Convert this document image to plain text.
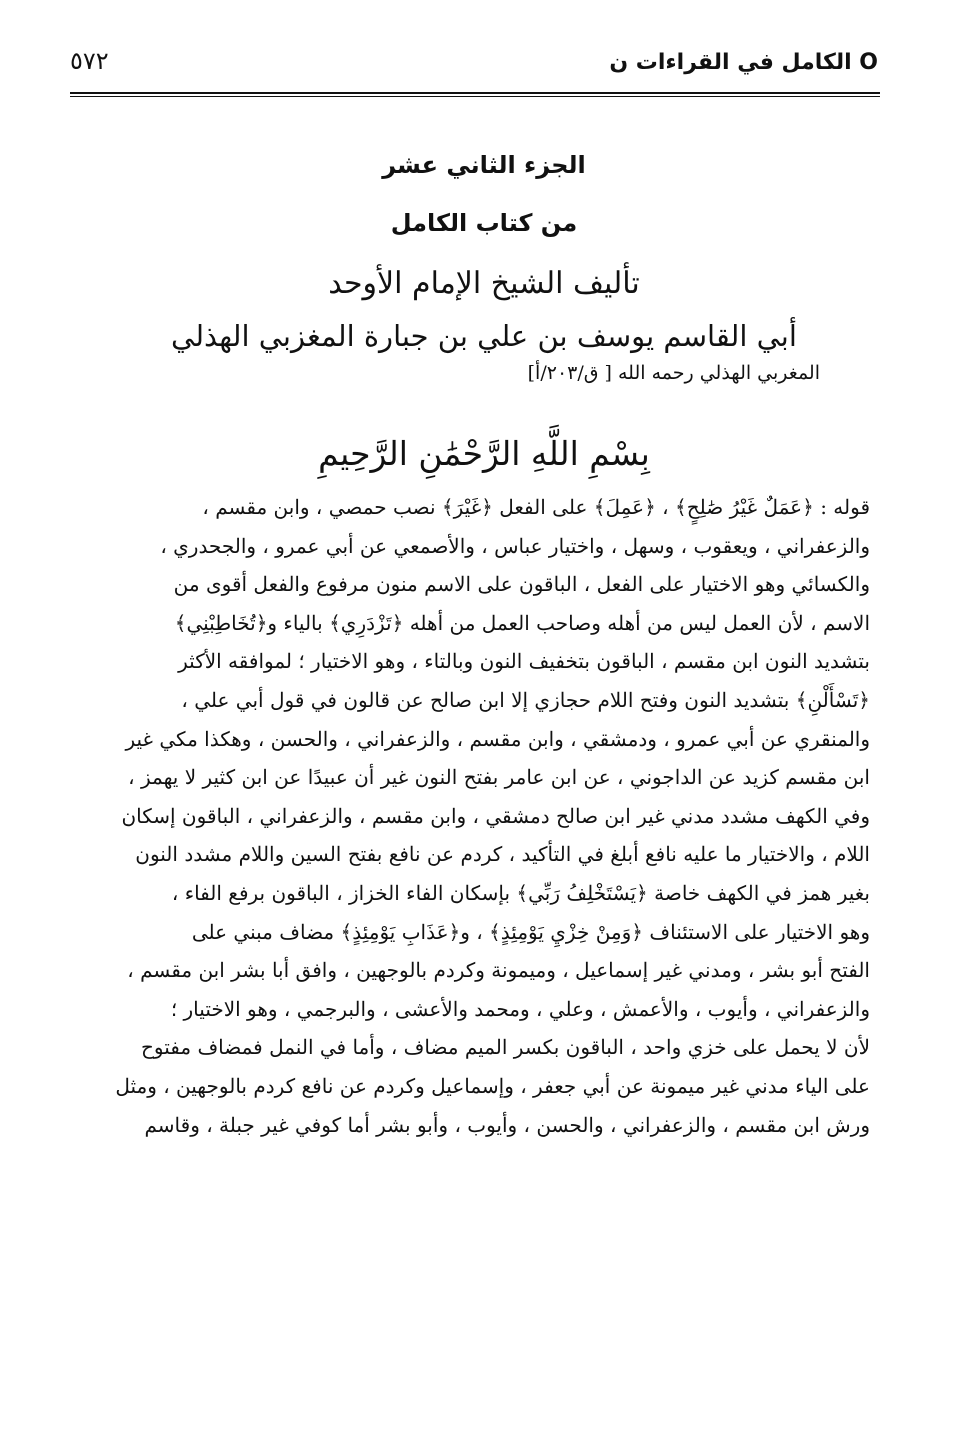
O الكامل في القراءات ن
٥٧٢
الجزء الثاني عشر
من كتاب الكامل
تأليف الشيخ الإمام الأوحد
أبي القاسم يوسف بن علي بن جبارة المغزبي الهذلي
المغربي الهذلي رحمه الله [ ق/٢٠٣/أ]
بِسْمِ اللَّهِ الرَّحْمَٰنِ الرَّحِيمِ
قوله : ﴿عَمَلٌ غَيْرُ صَٰلِحٍ﴾ ، ﴿عَمِلَ﴾ على الفعل ﴿غَيْرَ﴾ نصب حمصي ، وابن مقسم ،
والزعفراني ، ويعقوب ، وسهل ، واختيار عباس ، والأصمعي عن أبي عمرو ، والجحدري ،
والكسائي وهو الاختيار على الفعل ، الباقون على الاسم منون مرفوع والفعل أقوى من
الاسم ، لأن العمل ليس من أهله وصاحب العمل من أهله ﴿تَزْدَرِي﴾ بالياء و﴿تُخَاطِبْنِي﴾
بتشديد النون ابن مقسم ، الباقون بتخفيف النون وبالتاء ، وهو الاختيار ؛ لموافقه الأكثر
﴿تَسْأَلْنِ﴾ بتشديد النون وفتح اللام حجازي إلا ابن صالح عن قالون في قول أبي علي ،
والمنقري عن أبي عمرو ، ودمشقي ، وابن مقسم ، والزعفراني ، والحسن ، وهكذا مكي غير
ابن مقسم كزيد عن الداجوني ، عن ابن عامر بفتح النون غير أن عبيدًا عن ابن كثير لا يهمز ،
وفي الكهف مشدد مدني غير ابن صالح دمشقي ، وابن مقسم ، والزعفراني ، الباقون إسكان
اللام ، والاختيار ما عليه نافع أبلغ في التأكيد ، كردم عن نافع بفتح السين واللام مشدد النون
بغير همز في الكهف خاصة ﴿يَسْتَخْلِفُ رَبِّي﴾ بإسكان الفاء الخزاز ، الباقون برفع الفاء ،
وهو الاختيار على الاستئناف ﴿وَمِنْ خِزْيِ يَوْمِئِذٍ﴾ ، و﴿عَذَابِ يَوْمِئِذٍ﴾ مضاف مبني على
الفتح أبو بشر ، ومدني غير إسماعيل ، وميمونة وكردم بالوجهين ، وافق أبا بشر ابن مقسم ،
والزعفراني ، وأيوب ، والأعمش ، وعلي ، ومحمد والأعشى ، والبرجمي ، وهو الاختيار ؛
لأن لا يحمل على خزي واحد ، الباقون بكسر الميم مضاف ، وأما في النمل فمضاف مفتوح
على الياء مدني غير ميمونة عن أبي جعفر ، وإسماعيل وكردم عن نافع كردم بالوجهين ، ومثل
ورش ابن مقسم ، والزعفراني ، والحسن ، وأيوب ، وأبو بشر أما كوفي غير جبلة ، وقاسم
